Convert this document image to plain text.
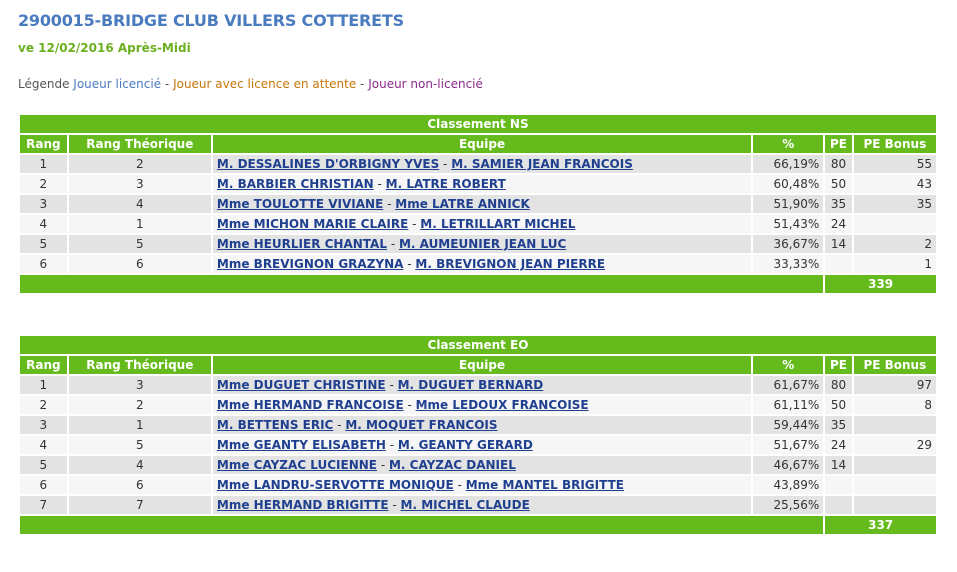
2900015-BRIDGE CLUB VILLERS COTTERETS
ve 12/02/2016 Après-Midi
Légende Joueur licencié - Joueur avec licence en attente - Joueur non-licencié
Classement NS					
Rang	Rang Théorique	Equipe	%	PE	PE Bonus
1	2	M. DESSALINES D'ORBIGNY YVES - M. SAMIER JEAN FRANCOIS	66,19%	80	55
2	3	M. BARBIER CHRISTIAN - M. LATRE ROBERT	60,48%	50	43
3	4	Mme TOULOTTE VIVIANE - Mme LATRE ANNICK	51,90%	35	35
4	1	Mme MICHON MARIE CLAIRE - M. LETRILLART MICHEL	51,43%	24	
5	5	Mme HEURLIER CHANTAL - M. AUMEUNIER JEAN LUC	36,67%	14	2
6	6	Mme BREVIGNON GRAZYNA - M. BREVIGNON JEAN PIERRE	33,33%		1
				339	
Classement EO					
Rang	Rang Théorique	Equipe	%	PE	PE Bonus
1	3	Mme DUGUET CHRISTINE - M. DUGUET BERNARD	61,67%	80	97
2	2	Mme HERMAND FRANCOISE - Mme LEDOUX FRANCOISE	61,11%	50	8
3	1	M. BETTENS ERIC - M. MOQUET FRANCOIS	59,44%	35	
4	5	Mme GEANTY ELISABETH - M. GEANTY GERARD	51,67%	24	29
5	4	Mme CAYZAC LUCIENNE - M. CAYZAC DANIEL	46,67%	14	
6	6	Mme LANDRU-SERVOTTE MONIQUE - Mme MANTEL BRIGITTE	43,89%		
7	7	Mme HERMAND BRIGITTE - M. MICHEL CLAUDE	25,56%		
				337	
